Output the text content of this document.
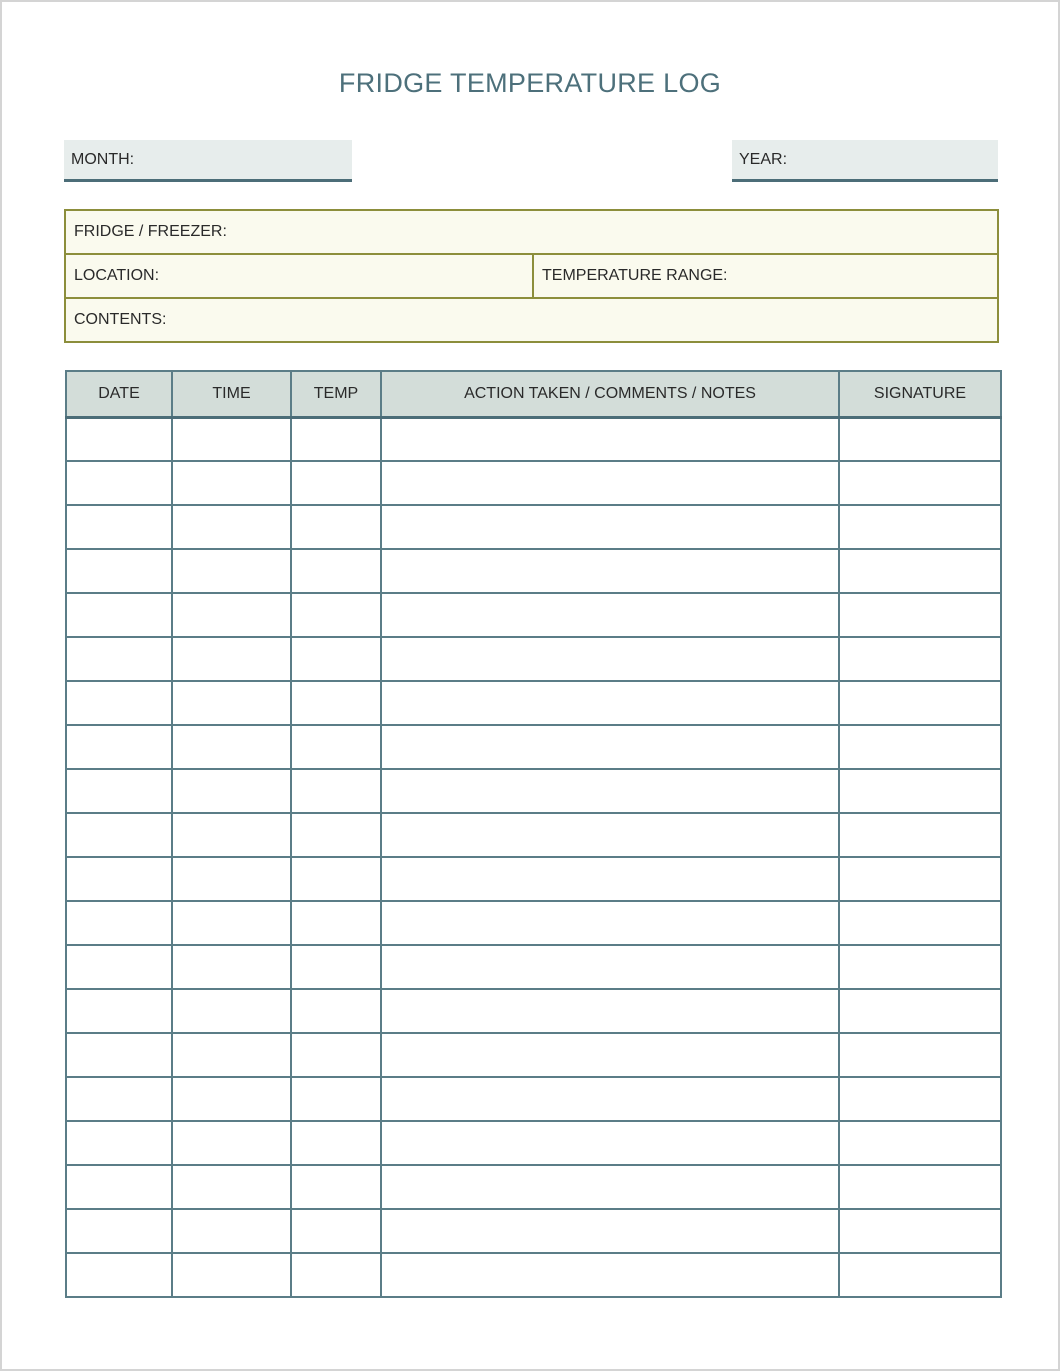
FRIDGE TEMPERATURE LOG
MONTH:	YEAR:
FRIDGE / FREEZER:
LOCATION:	TEMPERATURE RANGE:
CONTENTS:
DATE	TIME	TEMP	ACTION TAKEN / COMMENTS / NOTES	SIGNATURE
